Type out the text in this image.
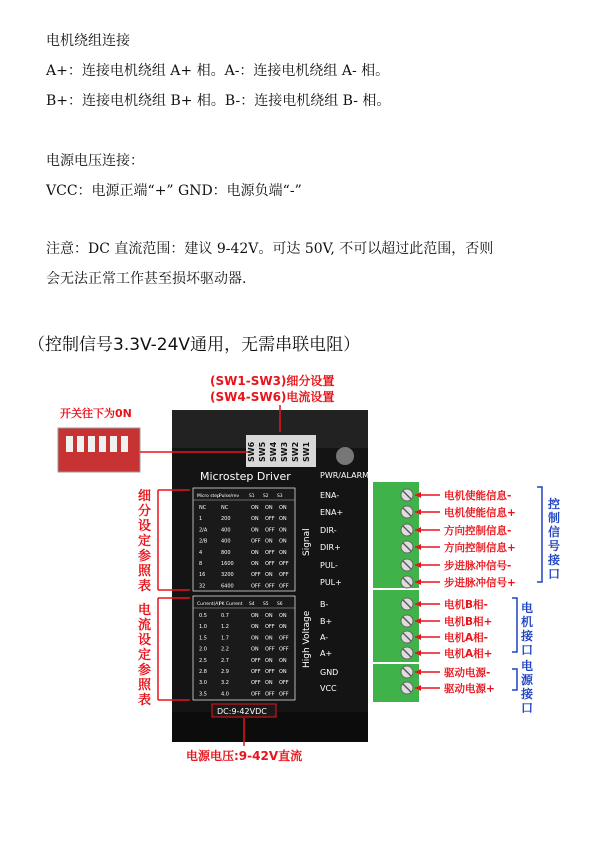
电机绕组连接
A+：连接电机绕组 A+ 相。A-：连接电机绕组 A- 相。
B+：连接电机绕组 B+ 相。B-：连接电机绕组 B- 相。
电源电压连接：
VCC：电源正端“+” GND：电源负端“-”
注意：DC 直流范围：建议 9-42V。可达 50V, 不可以超过此范围，否则
会无法正常工作甚至损坏驱动器.
（控制信号3.3V-24V通用，无需串联电阻）
SW6 SW5 SW4 SW3 SW2 SW1
PWR/ALARM
Microstep Driver
Micro step Pulse/rev S1 S2 S3
NC	NC	ON ON ON
1	200	ON OFF ON
2/A	400	ON OFF ON
2/B	400	OFF ON ON
4	800	ON OFF ON
8	1600	ON OFF OFF
16	3200	OFF ON OFF
32	6400	OFF OFF OFF
Current(A) PK Current S4 S5 S6
0.5	0.7	ON ON ON
1.0	1.2	ON OFF ON
1.5	1.7	ON ON OFF
2.0	2.2	ON OFF OFF
2.5	2.7	OFF ON ON
2.8	2.9	OFF OFF ON
3.0	3.2	OFF ON OFF
3.5	4.0	OFF OFF OFF
Signal
High Voltage
ENA-
ENA+
DIR-
DIR+
PUL-
PUL+
B-
B+
A-
A+
GND
VCC
电机使能信息-
电机使能信息+
方向控制信息-
方向控制信息+
步进脉冲信号-
步进脉冲信号+
电机B相-
电机B相+
电机A相-
电机A相+
驱动电源-
驱动电源+
控
制
信
号
接
口
电
机
接
口
电
源
接
口
(SW1-SW3)细分设置
(SW4-SW6)电流设置
开关往下为0N
细
分
设
定
参
照
表
电
流
设
定
参
照
表
DC:9-42VDC
电源电压:9-42V直流
